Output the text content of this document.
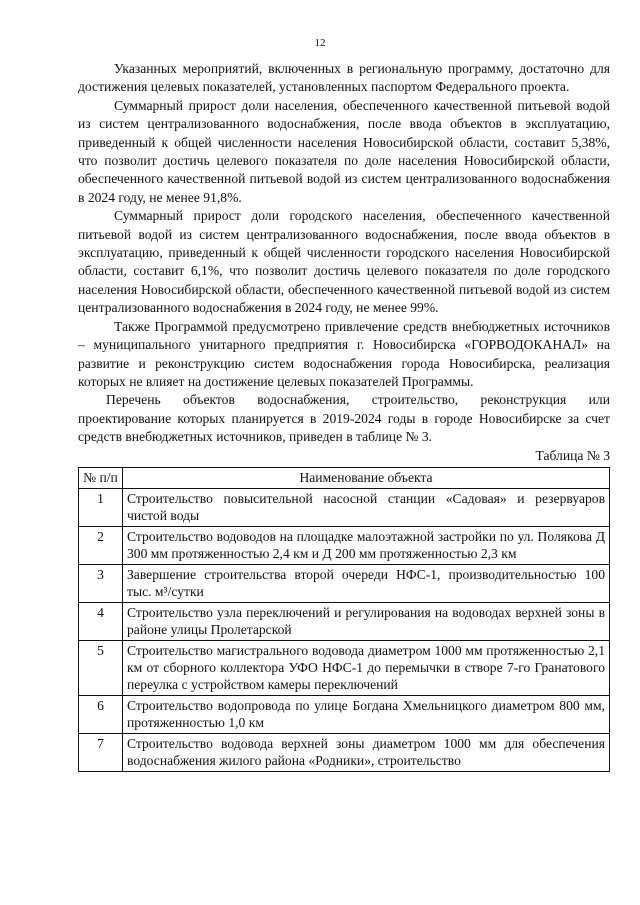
12

Указанных мероприятий, включенных в региональную программу, достаточно для достижения целевых показателей, установленных паспортом Федерального проекта.

Суммарный прирост доли населения, обеспеченного качественной питьевой водой из систем централизованного водоснабжения, после ввода объектов в эксплуатацию, приведенный к общей численности населения Новосибирской области, составит 5,38%, что позволит достичь целевого показателя по доле населения Новосибирской области, обеспеченного качественной питьевой водой из систем централизованного водоснабжения в 2024 году, не менее 91,8%.

Суммарный прирост доли городского населения, обеспеченного качественной питьевой водой из систем централизованного водоснабжения, после ввода объектов в эксплуатацию, приведенный к общей численности городского населения Новосибирской области, составит 6,1%, что позволит достичь целевого показателя по доле городского населения Новосибирской области, обеспеченного качественной питьевой водой из систем централизованного водоснабжения в 2024 году, не менее 99%.

Также Программой предусмотрено привлечение средств внебюджетных источников – муниципального унитарного предприятия г. Новосибирска «ГОРВОДОКАНАЛ» на развитие и реконструкцию систем водоснабжения города Новосибирска, реализация которых не влияет на достижение целевых показателей Программы.

Перечень объектов водоснабжения, строительство, реконструкция или проектирование которых планируется в 2019-2024 годы в городе Новосибирске за счет средств внебюджетных источников, приведен в таблице № 3.

Таблица № 3
№ п/п	Наименование объекта
1	Строительство повысительной насосной станции «Садовая» и резервуаров чистой воды
2	Строительство водоводов на площадке малоэтажной застройки по ул. Полякова Д 300 мм протяженностью 2,4 км и Д 200 мм протяженностью 2,3 км
3	Завершение строительства второй очереди НФС-1, производительностью 100 тыс. м³/сутки
4	Строительство узла переключений и регулирования на водоводах верхней зоны в районе улицы Пролетарской
5	Строительство магистрального водовода диаметром 1000 мм протяженностью 2,1 км от сборного коллектора УФО НФС-1 до перемычки в створе 7-го Гранатового переулка с устройством камеры переключений
6	Строительство водопровода по улице Богдана Хмельницкого диаметром 800 мм, протяженностью 1,0 км
7	Строительство водовода верхней зоны диаметром 1000 мм для обеспечения водоснабжения жилого района «Родники», строительство
